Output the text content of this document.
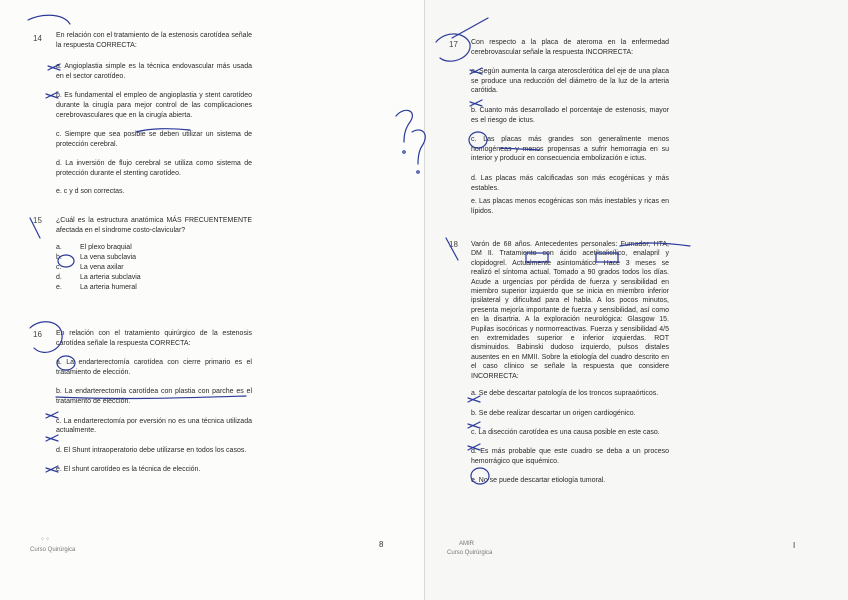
14 En relación con el tratamiento de la estenosis carotídea señale la respuesta CORRECTA:
a. Angioplastia simple es la técnica endovascular más usada en el sector carotídeo.
b. Es fundamental el empleo de angioplastia y stent carotídeo durante la cirugía para mejor control de las complicaciones cerebrovasculares que en la cirugía abierta.
c. Siempre que sea posible se deben utilizar un sistema de protección cerebral.
d. La inversión de flujo cerebral se utiliza como sistema de protección durante el stenting carotídeo.
e. c y d son correctas.
15 ¿Cuál es la estructura anatómica MÁS FRECUENTEMENTE afectada en el síndrome costo-clavicular?
a.	El plexo braquial
b.	La vena subclavia
c.	La vena axilar
d.	La arteria subclavia
e.	La arteria humeral
16 En relación con el tratamiento quirúrgico de la estenosis carotídea señale la respuesta CORRECTA:
a. La endarterectomía carotídea con cierre primario es el tratamiento de elección.
b. La endarterectomía carotídea con plastia con parche es el tratamiento de elección.
c. La endarterectomía por eversión no es una técnica utilizada actualmente.
d. El Shunt intraoperatorio debe utilizarse en todos los casos.
e. El shunt carotídeo es la técnica de elección.
⁘⁘
Curso Quirúrgica
8
17 Con respecto a la placa de ateroma en la enfermedad cerebrovascular señale la respuesta INCORRECTA:
a. Según aumenta la carga aterosclerótica del eje de una placa se produce una reducción del diámetro de la luz de la arteria carótida.
b. Cuanto más desarrollado el porcentaje de estenosis, mayor es el riesgo de ictus.
c. Las placas más grandes son generalmente menos homogéneas y menos propensas a sufrir hemorragia en su interior y producir en consecuencia embolización e ictus.
d. Las placas más calcificadas son más ecogénicas y más estables.
e. Las placas menos ecogénicas son más inestables y ricas en lípidos.
18 Varón de 68 años. Antecedentes personales: Fumador, HTA, DM II. Tratamiento con ácido acetilsalicílico, enalapril y clopidogrel. Actualmente asintomático. Hace 3 meses se realizó el síntoma actual. Tomado a 90 grados todos los días. Acude a urgencias por pérdida de fuerza y sensibilidad en miembro superior izquierdo que se inicia en miembro inferior ipsilateral y dificultad para el habla. A los pocos minutos, presenta mejoría importante de fuerza y sensibilidad, así como en la disartria. A la exploración neurológica: Glasgow 15. Pupilas isocóricas y normorreactivas. Fuerza y sensibilidad 4/5 en extremidades superior e inferior izquierdas. ROT disminuidos. Babinski dudoso izquierdo, pulsos distales ausentes en en MMII. Sobre la etiología del cuadro descrito en el caso clínico se señale la respuesta que considere INCORRECTA:
a. Se debe descartar patología de los troncos supraaórticos.
b. Se debe realizar descartar un origen cardiogénico.
c. La disección carotídea es una causa posible en este caso.
d. Es más probable que este cuadro se deba a un proceso hemorrágico que isquémico.
e. No se puede descartar etiología tumoral.
AMIR
Curso Quirúrgica
I
